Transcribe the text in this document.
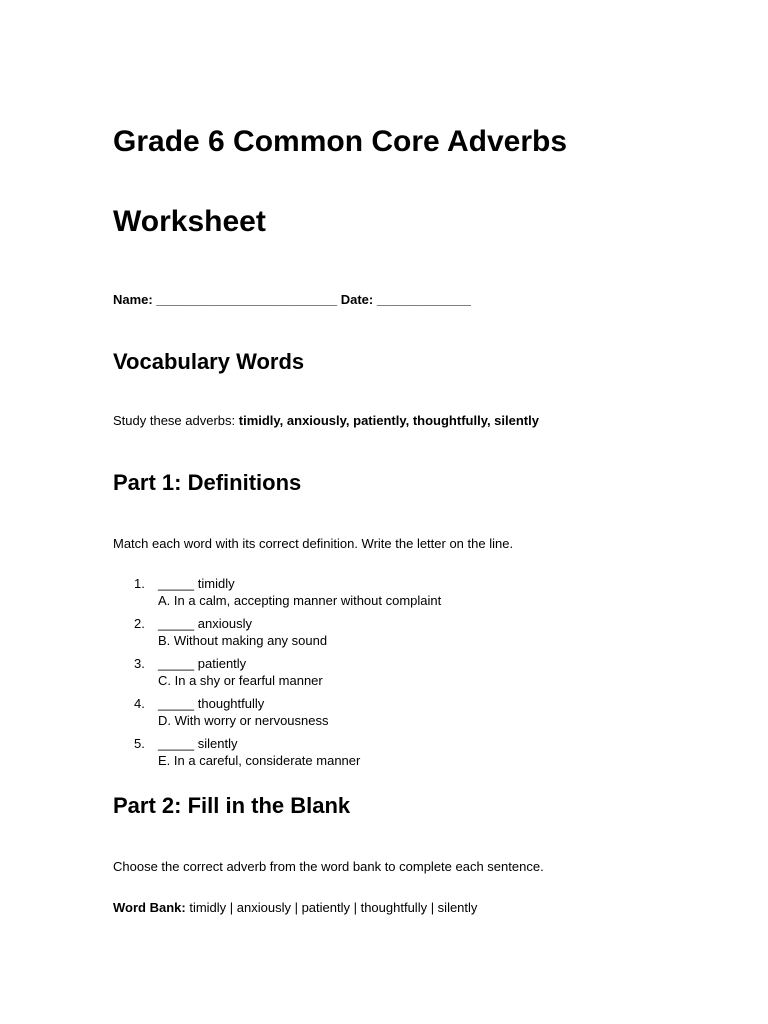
Grade 6 Common Core Adverbs
Worksheet
Name: _________________________ Date: _____________
Vocabulary Words
Study these adverbs: timidly, anxiously, patiently, thoughtfully, silently
Part 1: Definitions
Match each word with its correct definition. Write the letter on the line.
1.	_____ timidly
A. In a calm, accepting manner without complaint
2.	_____ anxiously
B. Without making any sound
3.	_____ patiently
C. In a shy or fearful manner
4.	_____ thoughtfully
D. With worry or nervousness
5.	_____ silently
E. In a careful, considerate manner
Part 2: Fill in the Blank
Choose the correct adverb from the word bank to complete each sentence.
Word Bank: timidly | anxiously | patiently | thoughtfully | silently
